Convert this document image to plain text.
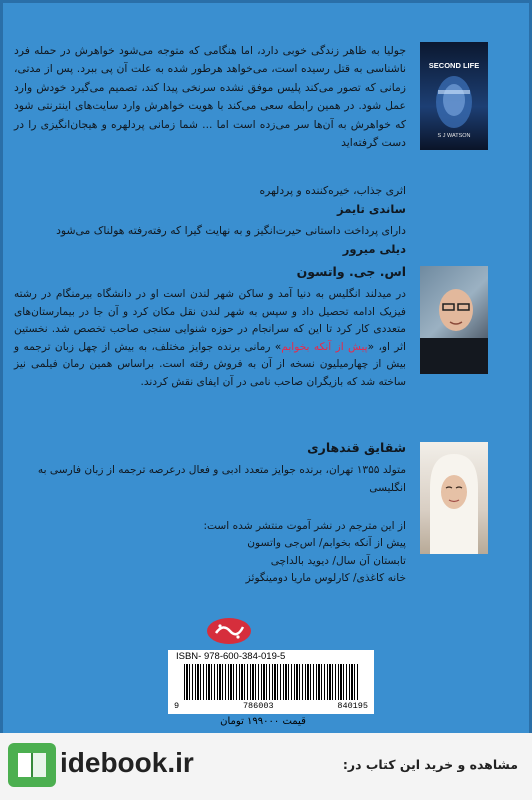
SECOND LIFE
S J WATSON
جولیا به ظاهر زندگی خوبی دارد، اما هنگامی که متوجه می‌شود خواهرش در حمله فرد ناشناسی به قتل رسیده است، می‌خواهد هرطور شده به علت آن پی ببرد. پس از مدتی، زمانی که تصور می‌کند پلیس موفق نشده سرنخی پیدا کند، تصمیم می‌گیرد خودش وارد عمل شود. در همین رابطه سعی می‌کند با هویت خواهرش وارد سایت‌های اینترنتی شود که خواهرش به آن‌ها سر می‌زده است اما ... شما زمانی پردلهره و هیجان‌انگیزی را در دست گرفته‌اید
اثری جذاب، خیره‌کننده و پردلهره
ساندی تایمز
دارای پرداخت داستانی حیرت‌انگیز و به نهایت گیرا که رفته‌رفته هولناک می‌شود
دیلی میرور
اس. جی. واتسون
در میدلند انگلیس به دنیا آمد و ساکن شهر لندن است او در دانشگاه بیرمنگام در رشته فیزیک ادامه تحصیل داد و سپس به شهر لندن نقل مکان کرد و آن جا در بیمارستان‌های متعددی کار کرد تا این که سرانجام در حوزه شنوایی سنجی صاحب تخصص شد. نخستین اثر او، «پیش از آنکه بخوابم» رمانی برنده جوایز مختلف، به بیش از چهل زبان ترجمه و بیش از چهارمیلیون نسخه از آن به فروش رفته است. براساس همین رمان فیلمی نیز ساخته شد که بازیگران صاحب نامی در آن ایفای نقش کردند.
شقایق قندهاری
متولد ۱۳۵۵ تهران، برنده جوایز متعدد ادبی و فعال درعرصه ترجمه از زبان فارسی به انگلیسی
از این مترجم در نشر آموت منتشر شده است:
پیش از آنکه بخوابم/ اس‌جی واتسون
تابستان آن سال/ دیوید بالداچی
خانه کاغذی/ کارلوس ماریا دومینگوئز
ISBN- 978-600-384-019-5
9	786003	840195
قیمت ۱۹۹۰۰۰ تومان
idebook.ir	مشاهده و خرید این کتاب در:
